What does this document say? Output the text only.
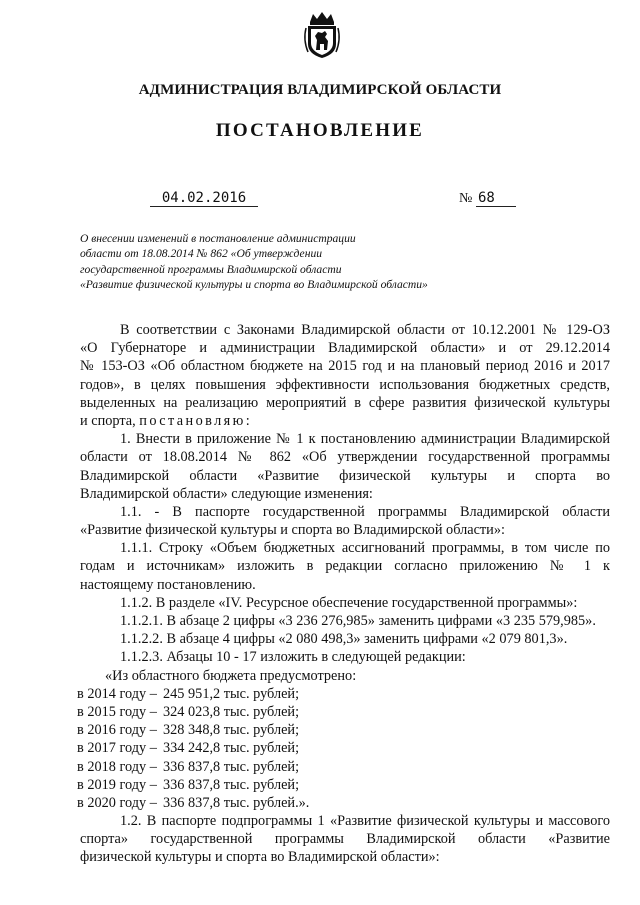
АДМИНИСТРАЦИЯ ВЛАДИМИРСКОЙ ОБЛАСТИ
ПОСТАНОВЛЕНИЕ
04.02.2016	№ 68
О внесении изменений в постановление администрации
области от 18.08.2014 № 862 «Об утверждении
государственной программы Владимирской области
«Развитие физической культуры и спорта во Владимирской области»
В соответствии с Законами Владимирской области от 10.12.2001 № 129-ОЗ
«О Губернаторе и администрации Владимирской области» и от 29.12.2014
№ 153-ОЗ «Об областном бюджете на 2015 год и на плановый период 2016 и 2017
годов», в целях повышения эффективности использования бюджетных средств,
выделенных на реализацию мероприятий в сфере развития физической культуры
и спорта, постановляю:
1. Внести в приложение № 1 к постановлению администрации Владимирской
области от 18.08.2014 № 862 «Об утверждении государственной программы
Владимирской области «Развитие физической культуры и спорта во
Владимирской области» следующие изменения:
1.1. - В паспорте государственной программы Владимирской области
«Развитие физической культуры и спорта во Владимирской области»:
1.1.1. Строку «Объем бюджетных ассигнований программы, в том числе по
годам и источникам» изложить в редакции согласно приложению № 1 к
настоящему постановлению.
1.1.2. В разделе «IV. Ресурсное обеспечение государственной программы»:
1.1.2.1. В абзаце 2 цифры «3 236 276,985» заменить цифрами «3 235 579,985».
1.1.2.2. В абзаце 4 цифры «2 080 498,3» заменить цифрами «2 079 801,3».
1.1.2.3. Абзацы 10 - 17 изложить в следующей редакции:
«Из областного бюджета предусмотрено:
в 2014 году – 245 951,2 тыс. рублей;
в 2015 году – 324 023,8 тыс. рублей;
в 2016 году – 328 348,8 тыс. рублей;
в 2017 году – 334 242,8 тыс. рублей;
в 2018 году – 336 837,8 тыс. рублей;
в 2019 году – 336 837,8 тыс. рублей;
в 2020 году – 336 837,8 тыс. рублей.».
1.2. В паспорте подпрограммы 1 «Развитие физической культуры и массового
спорта» государственной программы Владимирской области «Развитие
физической культуры и спорта во Владимирской области»:
